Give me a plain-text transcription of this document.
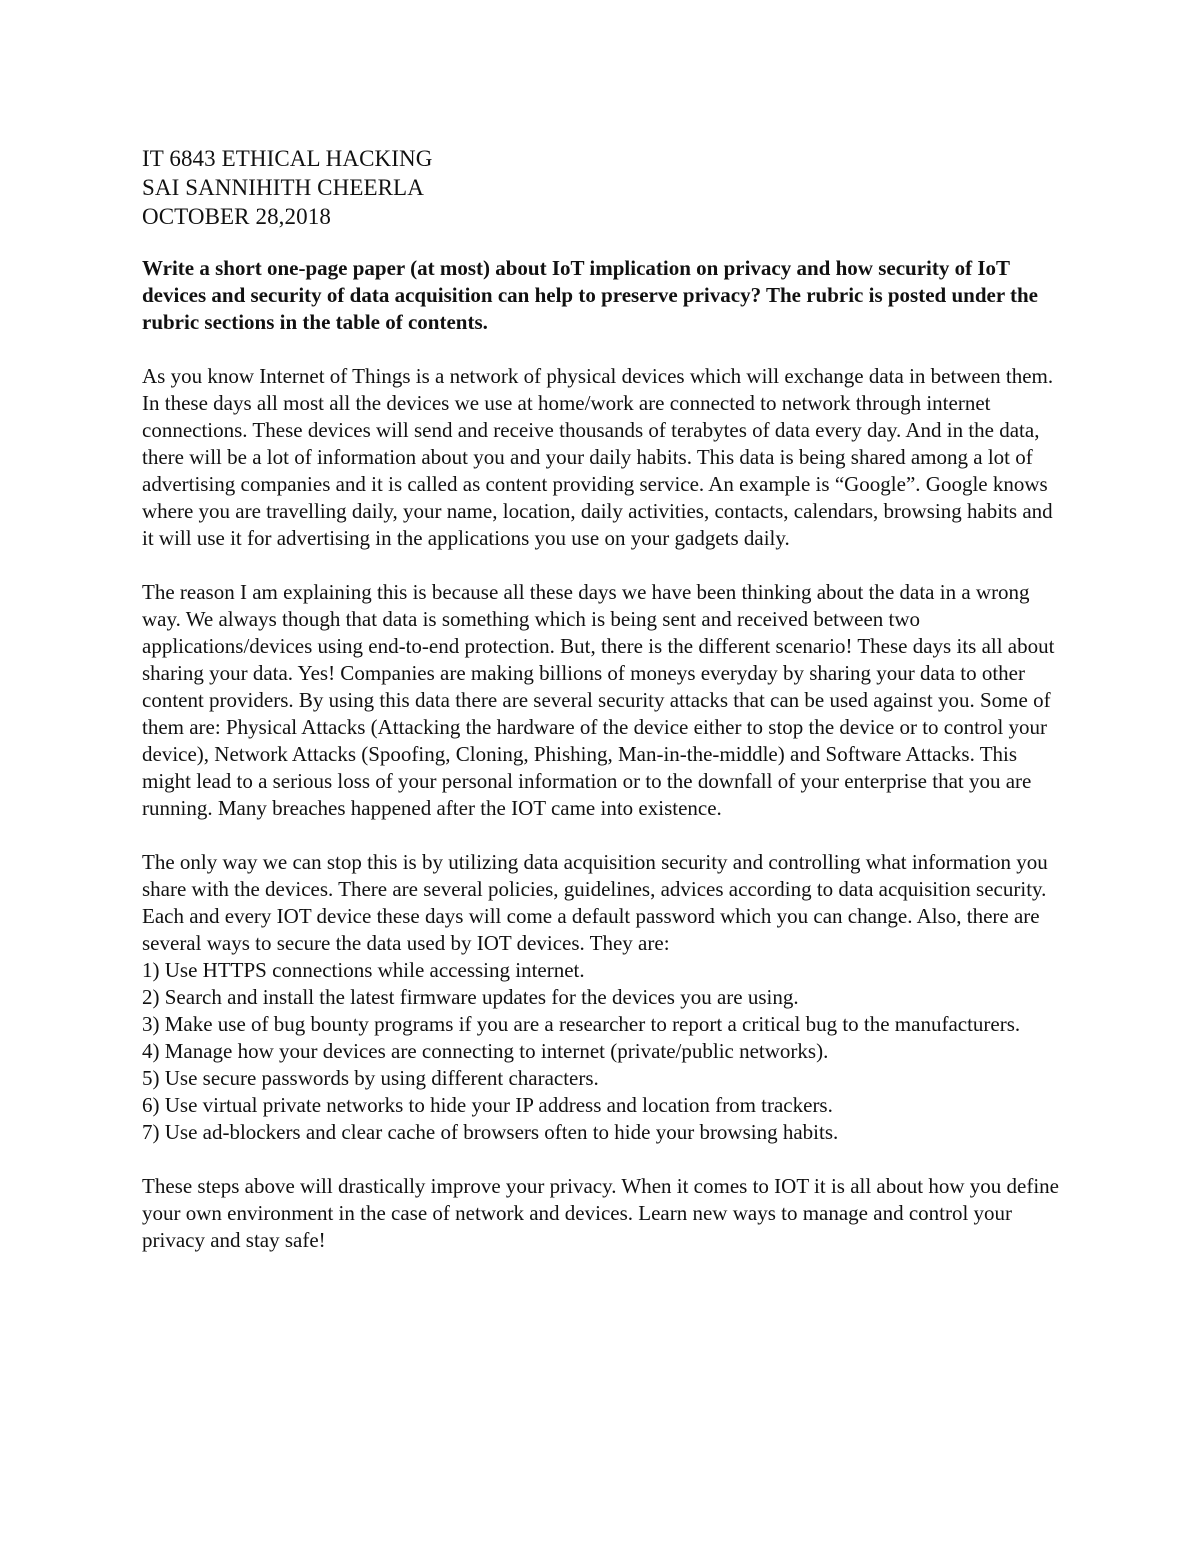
IT 6843 ETHICAL HACKING

SAI SANNIHITH CHEERLA

OCTOBER 28,2018

Write a short one-page paper (at most) about IoT implication on privacy and how security of IoT devices and security of data acquisition can help to preserve privacy? The rubric is posted under the rubric sections in the table of contents.

As you know Internet of Things is a network of physical devices which will exchange data in between them. In these days all most all the devices we use at home/work are connected to network through internet connections. These devices will send and receive thousands of terabytes of data every day. And in the data, there will be a lot of information about you and your daily habits. This data is being shared among a lot of advertising companies and it is called as content providing service. An example is “Google”. Google knows where you are travelling daily, your name, location, daily activities, contacts, calendars, browsing habits and it will use it for advertising in the applications you use on your gadgets daily.

The reason I am explaining this is because all these days we have been thinking about the data in a wrong way. We always though that data is something which is being sent and received between two applications/devices using end-to-end protection. But, there is the different scenario! These days its all about sharing your data. Yes! Companies are making billions of moneys everyday by sharing your data to other content providers. By using this data there are several security attacks that can be used against you. Some of them are: Physical Attacks (Attacking the hardware of the device either to stop the device or to control your device), Network Attacks (Spoofing, Cloning, Phishing, Man-in-the-middle) and Software Attacks. This might lead to a serious loss of your personal information or to the downfall of your enterprise that you are running. Many breaches happened after the IOT came into existence.

The only way we can stop this is by utilizing data acquisition security and controlling what information you share with the devices. There are several policies, guidelines, advices according to data acquisition security. Each and every IOT device these days will come a default password which you can change. Also, there are several ways to secure the data used by IOT devices. They are:

1) Use HTTPS connections while accessing internet.
2) Search and install the latest firmware updates for the devices you are using.
3) Make use of bug bounty programs if you are a researcher to report a critical bug to the manufacturers.
4) Manage how your devices are connecting to internet (private/public networks).
5) Use secure passwords by using different characters.
6) Use virtual private networks to hide your IP address and location from trackers.
7) Use ad-blockers and clear cache of browsers often to hide your browsing habits.

These steps above will drastically improve your privacy. When it comes to IOT it is all about how you define your own environment in the case of network and devices. Learn new ways to manage and control your privacy and stay safe!
